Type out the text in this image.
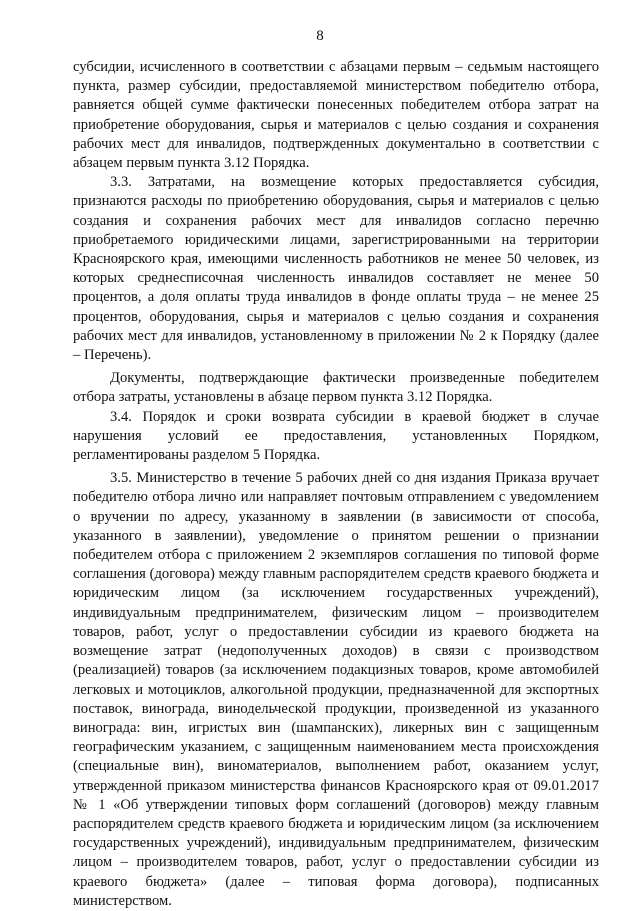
8

субсидии, исчисленного в соответствии с абзацами первым – седьмым настоящего пункта, размер субсидии, предоставляемой министерством победителю отбора, равняется общей сумме фактически понесенных победителем отбора затрат на приобретение оборудования, сырья и материалов с целью создания и сохранения рабочих мест для инвалидов, подтвержденных документально в соответствии с абзацем первым пункта 3.12 Порядка.

3.3. Затратами, на возмещение которых предоставляется субсидия, признаются расходы по приобретению оборудования, сырья и материалов с целью создания и сохранения рабочих мест для инвалидов согласно перечню приобретаемого юридическими лицами, зарегистрированными на территории Красноярского края, имеющими численность работников не менее 50 человек, из которых среднесписочная численность инвалидов составляет не менее 50 процентов, а доля оплаты труда инвалидов в фонде оплаты труда – не менее 25 процентов, оборудования, сырья и материалов с целью создания и сохранения рабочих мест для инвалидов, установленному в приложении № 2 к Порядку (далее – Перечень).

Документы, подтверждающие фактически произведенные победителем отбора затраты, установлены в абзаце первом пункта 3.12 Порядка.

3.4. Порядок и сроки возврата субсидии в краевой бюджет в случае нарушения условий ее предоставления, установленных Порядком, регламентированы разделом 5 Порядка.

3.5. Министерство в течение 5 рабочих дней со дня издания Приказа вручает победителю отбора лично или направляет почтовым отправлением с уведомлением о вручении по адресу, указанному в заявлении (в зависимости от способа, указанного в заявлении), уведомление о принятом решении о признании победителем отбора с приложением 2 экземпляров соглашения по типовой форме соглашения (договора) между главным распорядителем средств краевого бюджета и юридическим лицом (за исключением государственных учреждений), индивидуальным предпринимателем, физическим лицом – производителем товаров, работ, услуг о предоставлении субсидии из краевого бюджета на возмещение затрат (недополученных доходов) в связи с производством (реализацией) товаров (за исключением подакцизных товаров, кроме автомобилей легковых и мотоциклов, алкогольной продукции, предназначенной для экспортных поставок, винограда, винодельческой продукции, произведенной из указанного винограда: вин, игристых вин (шампанских), ликерных вин с защищенным географическим указанием, с защищенным наименованием места происхождения (специальные вин), виноматериалов, выполнением работ, оказанием услуг, утвержденной приказом министерства финансов Красноярского края от 09.01.2017 № 1 «Об утверждении типовых форм соглашений (договоров) между главным распорядителем средств краевого бюджета и юридическим лицом (за исключением государственных учреждений), индивидуальным предпринимателем, физическим лицом – производителем товаров, работ, услуг о предоставлении субсидии из краевого бюджета» (далее – типовая форма договора), подписанных министерством.
